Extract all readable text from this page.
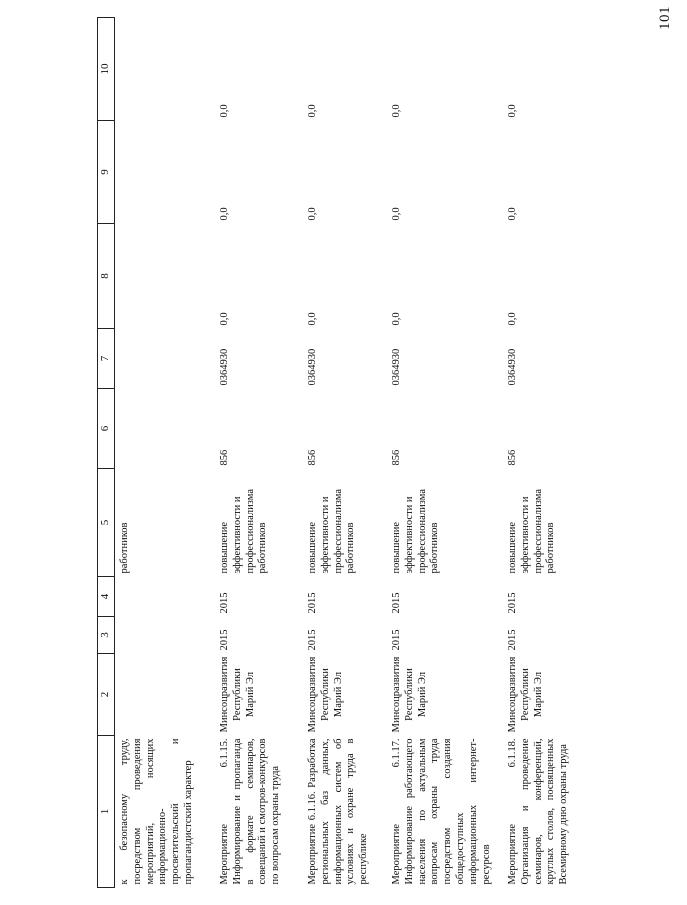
101
1	2	3	4	5	6	7	8	9	10
к безопасному труду, посредством проведения мероприятий, носящих информационно-просветительский и пропагандистский характер				работников					
Мероприятие 6.1.15. Информирование и пропаганда в формате семинаров, совещаний и смотров-конкурсов по вопросам охраны труда	Минсоцразвития Республики Марий Эл	2015	2015	повышение эффективности и профессионализма работников	856	0364930	0,0	0,0	0,0
Мероприятие 6.1.16. Разработка региональных баз данных, информационных систем об условиях и охране труда в республике	Минсоцразвития Республики Марий Эл	2015	2015	повышение эффективности и профессионализма работников	856	0364930	0,0	0,0	0,0
Мероприятие 6.1.17. Информирование работающего населения по актуальным вопросам охраны труда посредством создания общедоступных информационных интернет-ресурсов	Минсоцразвития Республики Марий Эл	2015	2015	повышение эффективности и профессионализма работников	856	0364930	0,0	0,0	0,0
Мероприятие 6.1.18. Организация и проведение семинаров, конференций, круглых столов, посвященных Всемирному дню охраны труда	Минсоцразвития Республики Марий Эл	2015	2015	повышение эффективности и профессионализма работников	856	0364930	0,0	0,0	0,0
